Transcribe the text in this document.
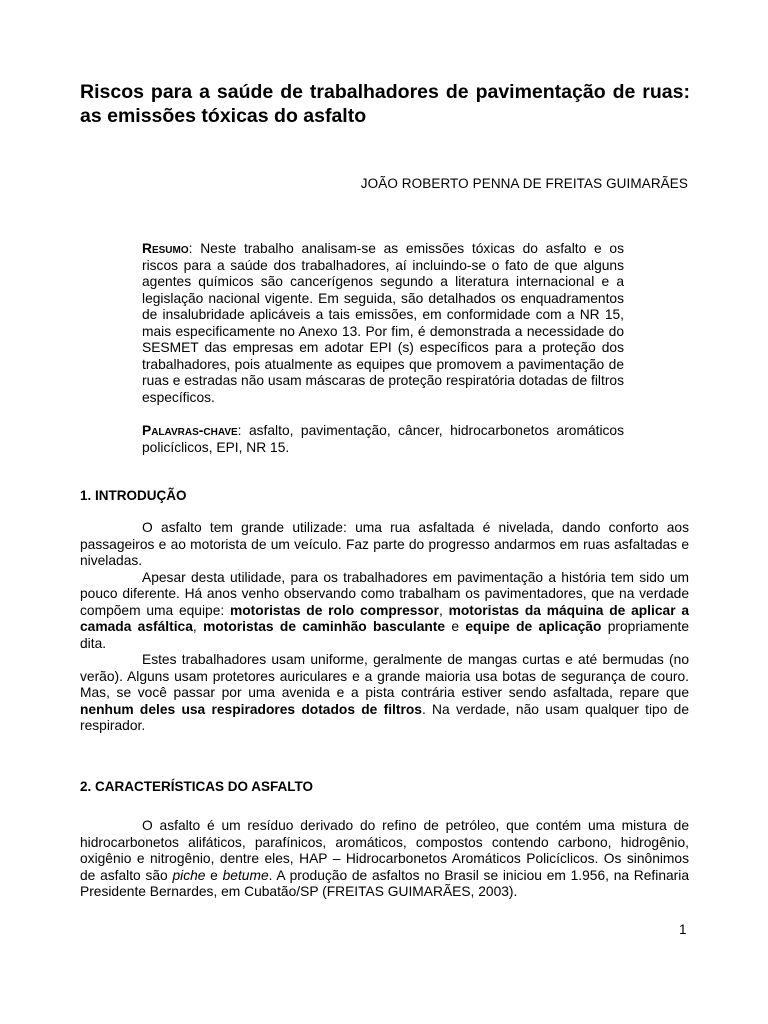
Riscos para a saúde de trabalhadores de pavimentação de ruas: as emissões tóxicas do asfalto
JOÃO ROBERTO PENNA DE FREITAS GUIMARÃES
Resumo: Neste trabalho analisam-se as emissões tóxicas do asfalto e os riscos para a saúde dos trabalhadores, aí incluindo-se o fato de que alguns agentes químicos são cancerígenos segundo a literatura internacional e a legislação nacional vigente. Em seguida, são detalhados os enquadramentos de insalubridade aplicáveis a tais emissões, em conformidade com a NR 15, mais especificamente no Anexo 13. Por fim, é demonstrada a necessidade do SESMET das empresas em adotar EPI (s) específicos para a proteção dos trabalhadores, pois atualmente as equipes que promovem a pavimentação de ruas e estradas não usam máscaras de proteção respiratória dotadas de filtros específicos.
Palavras-chave: asfalto, pavimentação, câncer, hidrocarbonetos aromáticos policíclicos, EPI, NR 15.
1. INTRODUÇÃO

O asfalto tem grande utilizade: uma rua asfaltada é nivelada, dando conforto aos passageiros e ao motorista de um veículo. Faz parte do progresso andarmos em ruas asfaltadas e niveladas.

Apesar desta utilidade, para os trabalhadores em pavimentação a história tem sido um pouco diferente. Há anos venho observando como trabalham os pavimentadores, que na verdade compõem uma equipe: motoristas de rolo compressor, motoristas da máquina de aplicar a camada asfáltica, motoristas de caminhão basculante e equipe de aplicação propriamente dita.

Estes trabalhadores usam uniforme, geralmente de mangas curtas e até bermudas (no verão). Alguns usam protetores auriculares e a grande maioria usa botas de segurança de couro. Mas, se você passar por uma avenida e a pista contrária estiver sendo asfaltada, repare que nenhum deles usa respiradores dotados de filtros. Na verdade, não usam qualquer tipo de respirador.

2. CARACTERÍSTICAS DO ASFALTO

O asfalto é um resíduo derivado do refino de petróleo, que contém uma mistura de hidrocarbonetos alifáticos, parafínicos, aromáticos, compostos contendo carbono, hidrogênio, oxigênio e nitrogênio, dentre eles, HAP – Hidrocarbonetos Aromáticos Policíclicos. Os sinônimos de asfalto são piche e betume. A produção de asfaltos no Brasil se iniciou em 1.956, na Refinaria Presidente Bernardes, em Cubatão/SP (FREITAS GUIMARÃES, 2003).

1
